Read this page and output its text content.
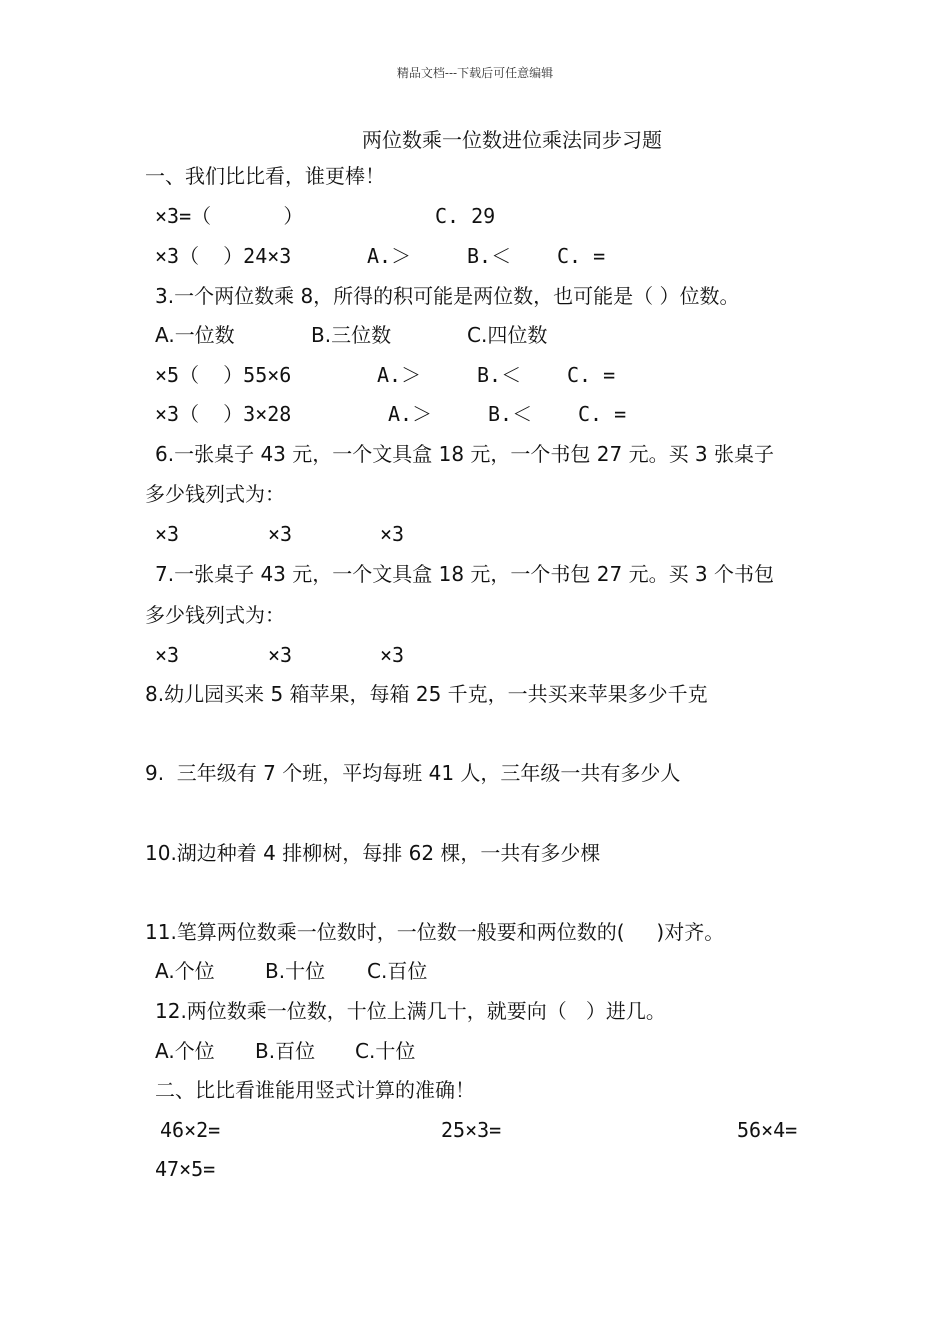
精品文档---下载后可任意编辑
两位数乘一位数进位乘法同步习题
一、我们比比看，谁更棒！
×3=（      ）	C. 29
×3（  ）24×3	A.＞	B.＜ C. =
3.一个两位数乘 8，所得的积可能是两位数，也可能是（ ）位数。
A.一位数	B.三位数	C.四位数
×5（  ）55×6	A.＞	B.＜ C. =
×3（  ）3×28	A.＞	B.＜ C. =
6.一张桌子 43 元，一个文具盒 18 元，一个书包 27 元。买 3 张桌子
多少钱列式为：
×3	×3	×3
7.一张桌子 43 元，一个文具盒 18 元，一个书包 27 元。买 3 个书包
多少钱列式为：
×3	×3	×3
8.幼儿园买来 5 箱苹果，每箱 25 千克，一共买来苹果多少千克
9.  三年级有 7 个班，平均每班 41 人，三年级一共有多少人
10.湖边种着 4 排柳树，每排 62 棵，一共有多少棵
11.笔算两位数乘一位数时，一位数一般要和两位数的(     )对齐。
A.个位	B.十位 C.百位
12.两位数乘一位数，十位上满几十，就要向（   ）进几。
A.个位 B.百位 C.十位
二、比比看谁能用竖式计算的准确！
46×2=	25×3=	56×4=
47×5=
